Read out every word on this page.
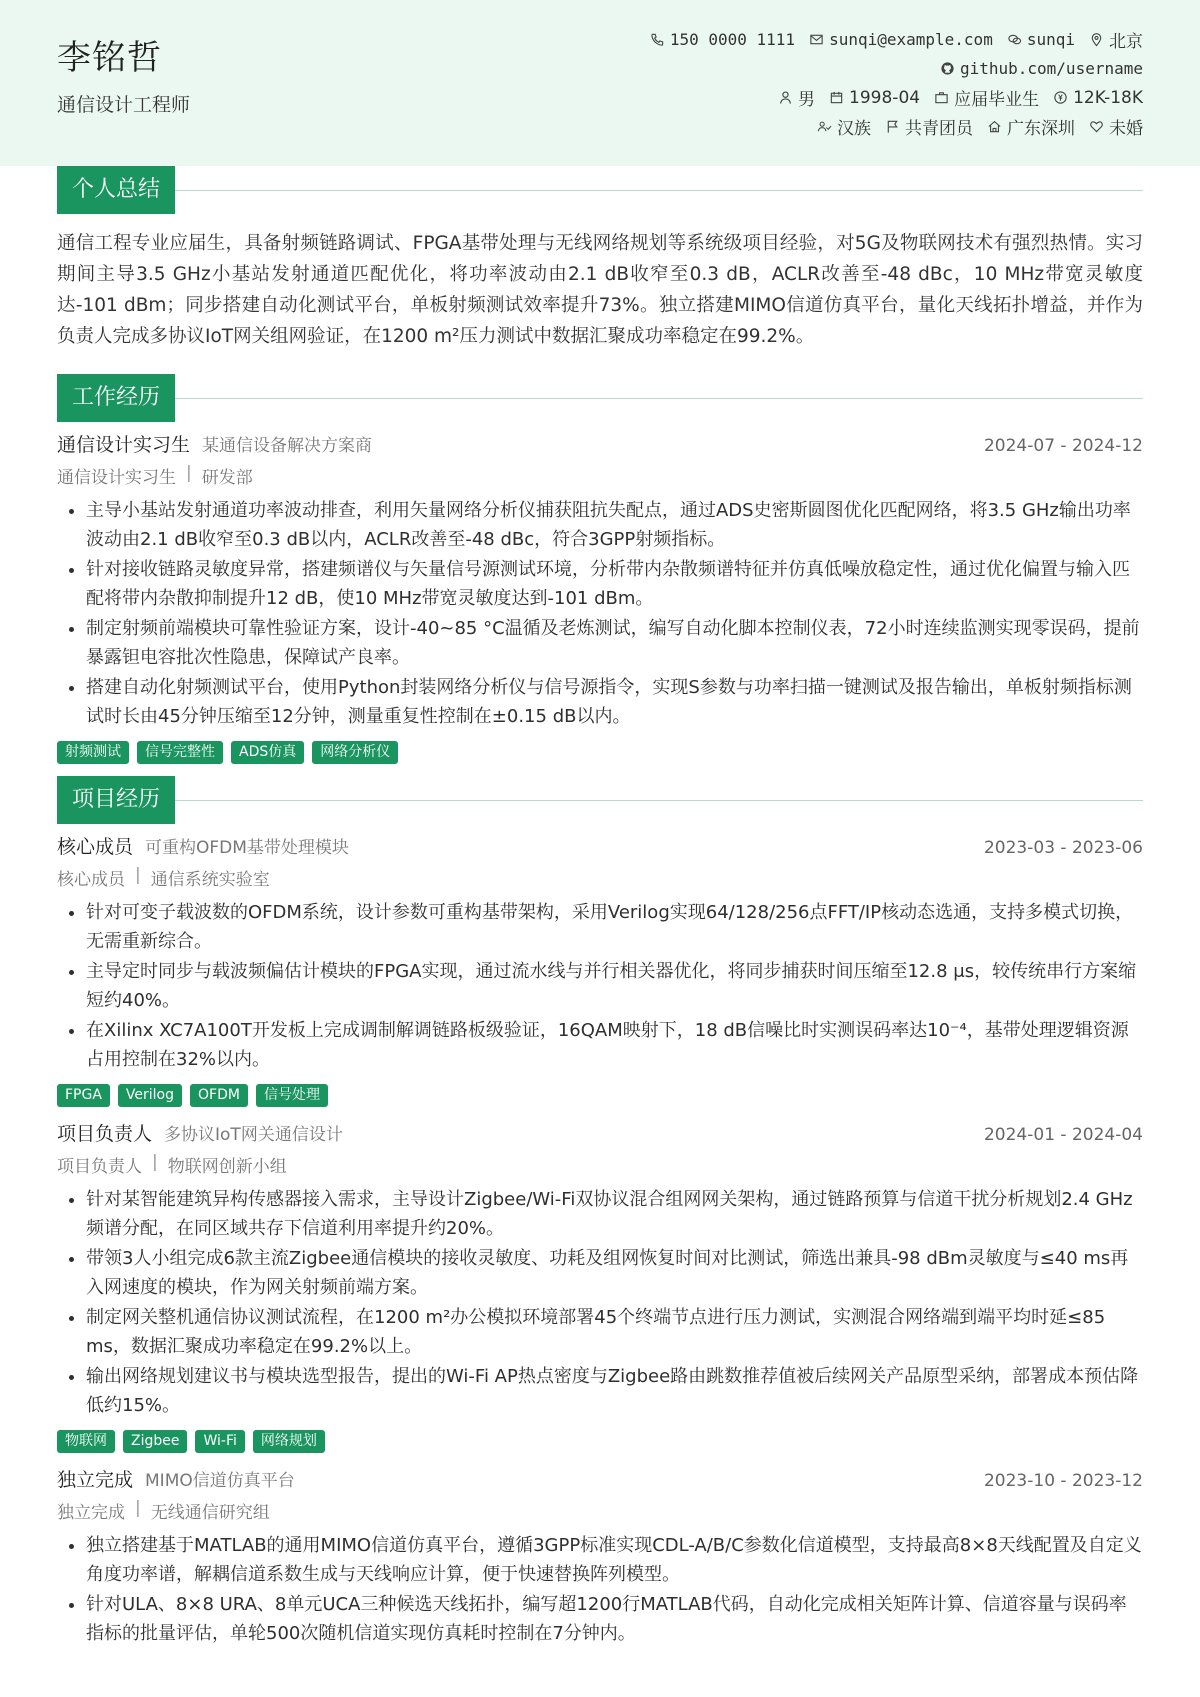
李铭哲
通信设计工程师
150 0000 1111 sunqi@example.com sunqi 北京
github.com/username
男 1998-04 应届毕业生 12K-18K
汉族 共青团员 广东深圳 未婚
个人总结
通信工程专业应届生，具备射频链路调试、FPGA基带处理与无线网络规划等系统级项目经验，对5G及物联网技术有强烈热情。实习期间主导3.5 GHz小基站发射通道匹配优化，将功率波动由2.1 dB收窄至0.3 dB，ACLR改善至-48 dBc，10 MHz带宽灵敏度达-101 dBm；同步搭建自动化测试平台，单板射频测试效率提升73%。独立搭建MIMO信道仿真平台，量化天线拓扑增益，并作为负责人完成多协议IoT网关组网验证，在1200 m²压力测试中数据汇聚成功率稳定在99.2%。
工作经历
通信设计实习生 某通信设备解决方案商	2024-07 - 2024-12
通信设计实习生 | 研发部
• 主导小基站发射通道功率波动排查，利用矢量网络分析仪捕获阻抗失配点，通过ADS史密斯圆图优化匹配网络，将3.5 GHz输出功率波动由2.1 dB收窄至0.3 dB以内，ACLR改善至-48 dBc，符合3GPP射频指标。
• 针对接收链路灵敏度异常，搭建频谱仪与矢量信号源测试环境，分析带内杂散频谱特征并仿真低噪放稳定性，通过优化偏置与输入匹配将带内杂散抑制提升12 dB，使10 MHz带宽灵敏度达到-101 dBm。
• 制定射频前端模块可靠性验证方案，设计-40~85 °C温循及老炼测试，编写自动化脚本控制仪表，72小时连续监测实现零误码，提前暴露钽电容批次性隐患，保障试产良率。
• 搭建自动化射频测试平台，使用Python封装网络分析仪与信号源指令，实现S参数与功率扫描一键测试及报告输出，单板射频指标测试时长由45分钟压缩至12分钟，测量重复性控制在±0.15 dB以内。
射频测试	信号完整性	ADS仿真	网络分析仪
项目经历
核心成员 可重构OFDM基带处理模块	2023-03 - 2023-06
核心成员 | 通信系统实验室
• 针对可变子载波数的OFDM系统，设计参数可重构基带架构，采用Verilog实现64/128/256点FFT/IP核动态选通，支持多模式切换，无需重新综合。
• 主导定时同步与载波频偏估计模块的FPGA实现，通过流水线与并行相关器优化，将同步捕获时间压缩至12.8 μs，较传统串行方案缩短约40%。
• 在Xilinx XC7A100T开发板上完成调制解调链路板级验证，16QAM映射下，18 dB信噪比时实测误码率达10⁻⁴，基带处理逻辑资源占用控制在32%以内。
FPGA	Verilog	OFDM	信号处理
项目负责人 多协议IoT网关通信设计	2024-01 - 2024-04
项目负责人 | 物联网创新小组
• 针对某智能建筑异构传感器接入需求，主导设计Zigbee/Wi-Fi双协议混合组网网关架构，通过链路预算与信道干扰分析规划2.4 GHz频谱分配，在同区域共存下信道利用率提升约20%。
• 带领3人小组完成6款主流Zigbee通信模块的接收灵敏度、功耗及组网恢复时间对比测试，筛选出兼具-98 dBm灵敏度与≤40 ms再入网速度的模块，作为网关射频前端方案。
• 制定网关整机通信协议测试流程，在1200 m²办公模拟环境部署45个终端节点进行压力测试，实测混合网络端到端平均时延≤85 ms，数据汇聚成功率稳定在99.2%以上。
• 输出网络规划建议书与模块选型报告，提出的Wi-Fi AP热点密度与Zigbee路由跳数推荐值被后续网关产品原型采纳，部署成本预估降低约15%。
物联网	Zigbee	Wi-Fi	网络规划
独立完成 MIMO信道仿真平台	2023-10 - 2023-12
独立完成 | 无线通信研究组
• 独立搭建基于MATLAB的通用MIMO信道仿真平台，遵循3GPP标准实现CDL-A/B/C参数化信道模型，支持最高8×8天线配置及自定义角度功率谱，解耦信道系数生成与天线响应计算，便于快速替换阵列模型。
• 针对ULA、8×8 URA、8单元UCA三种候选天线拓扑，编写超1200行MATLAB代码，自动化完成相关矩阵计算、信道容量与误码率指标的批量评估，单轮500次随机信道实现仿真耗时控制在7分钟内。
